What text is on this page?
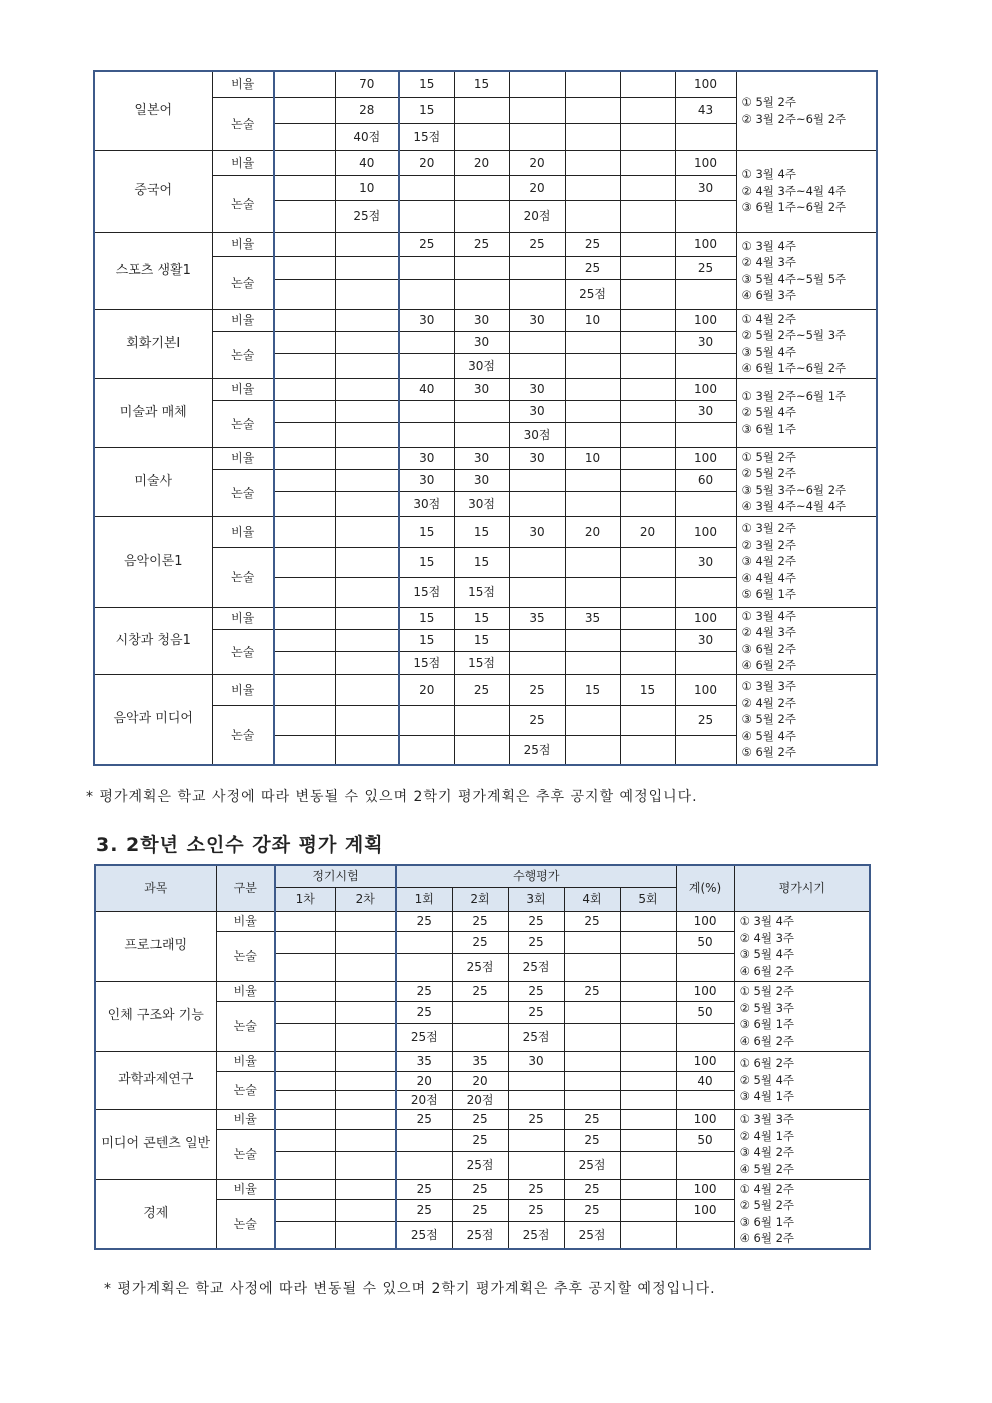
일본어	비율		70	15	15				100	① 5월 2주
② 3월 2주~6월 2주

	논술		28	15					43	
			40점	15점						
중국어	비율		40	20	20	20			100	① 3월 4주
② 4월 3주~4월 4주
③ 6월 1주~6월 2주

	논술		10			20			30	
			25점			20점				
스포츠 생활1	비율			25	25	25	25		100	① 3월 4주
② 4월 3주
③ 5월 4주~5월 5주
④ 6월 3주

	논술						25		25	
							25점			
회화기본Ⅰ	비율			30	30	30	10		100	① 4월 2주
② 5월 2주~5월 3주
③ 5월 4주
④ 6월 1주~6월 2주

	논술				30				30	
					30점					
미술과 매체	비율			40	30	30			100	① 3월 2주~6월 1주
② 5월 4주
③ 6월 1주

	논술					30			30	
						30점				
미술사	비율			30	30	30	10		100	① 5월 2주
② 5월 2주
③ 5월 3주~6월 2주
④ 3월 4주~4월 4주

	논술			30	30				60	
				30점	30점					
음악이론1	비율			15	15	30	20	20	100	① 3월 2주
② 3월 2주
③ 4월 2주
④ 4월 4주
⑤ 6월 1주

	논술			15	15				30	
				15점	15점					
시창과 청음1	비율			15	15	35	35		100	① 3월 4주
② 4월 3주
③ 6월 2주
④ 6월 2주

	논술			15	15				30	
				15점	15점					
음악과 미디어	비율			20	25	25	15	15	100	① 3월 3주
② 4월 2주
③ 5월 2주
④ 5월 4주
⑤ 6월 2주

	논술					25			25	
						25점				
* 평가계획은 학교 사정에 따라 변동될 수 있으며 2학기 평가계획은 추후 공지할 예정입니다.
3. 2학년 소인수 강좌 평가 계획
과목	구분	정기시험		수행평가					계(%)	평가시기
		1차	2차	1회	2회	3회	4회	5회		
프로그래밍	비율			25	25	25	25		100	① 3월 4주
② 4월 3주
③ 5월 4주
④ 6월 2주

	논술				25	25			50	
					25점	25점				
인체 구조와 기능	비율			25	25	25	25		100	① 5월 2주
② 5월 3주
③ 6월 1주
④ 6월 2주

	논술			25		25			50	
				25점		25점				
과학과제연구	비율			35	35	30			100	① 6월 2주
② 5월 4주
③ 4월 1주

	논술			20	20				40	
				20점	20점					
미디어 콘텐츠 일반	비율			25	25	25	25		100	① 3월 3주
② 4월 1주
③ 4월 2주
④ 5월 2주

	논술				25		25		50	
					25점		25점			
경제	비율			25	25	25	25		100	① 4월 2주
② 5월 2주
③ 6월 1주
④ 6월 2주

	논술			25	25	25	25		100	
				25점	25점	25점	25점			
* 평가계획은 학교 사정에 따라 변동될 수 있으며 2학기 평가계획은 추후 공지할 예정입니다.
